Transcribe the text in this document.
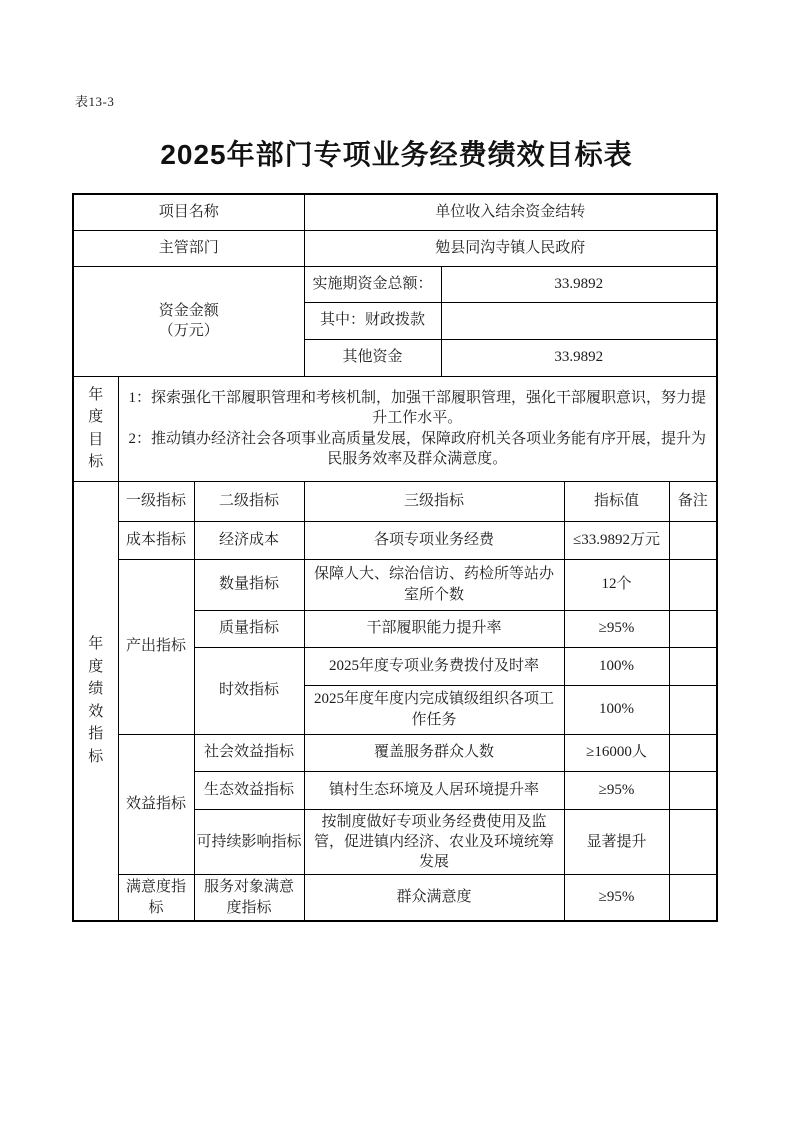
表13-3
2025年部门专项业务经费绩效目标表
项目名称			单位收入结余资金结转			
主管部门			勉县同沟寺镇人民政府			

资金金额
（万元）			实施期资金总额：	33.9892		
			其中：财政拨款			
			其他资金	33.9892		

年度目标	1：探索强化干部履职管理和考核机制，加强干部履职管理，强化干部履职意识，努力提升工作水平。
2：推动镇办经济社会各项事业高质量发展，保障政府机关各项业务能有序开展，提升为民服务效率及群众满意度。					

年度绩效指标	一级指标	二级指标	三级指标		指标值	备注
	成本指标	经济成本	各项专项业务经费		≤33.9892万元	
	产出指标	数量指标	保障人大、综治信访、药检所等站办室所个数		12个	
		质量指标	干部履职能力提升率		≥95%	
		时效指标	2025年度专项业务费拨付及时率		100%	
			2025年度年度内完成镇级组织各项工作任务		100%	
	效益指标	社会效益指标	覆盖服务群众人数		≥16000人	
		生态效益指标	镇村生态环境及人居环境提升率		≥95%	
		可持续影响指标	按制度做好专项业务经费使用及监管，促进镇内经济、农业及环境统筹发展		显著提升	
	满意度指标	服务对象满意度指标	群众满意度		≥95%	
